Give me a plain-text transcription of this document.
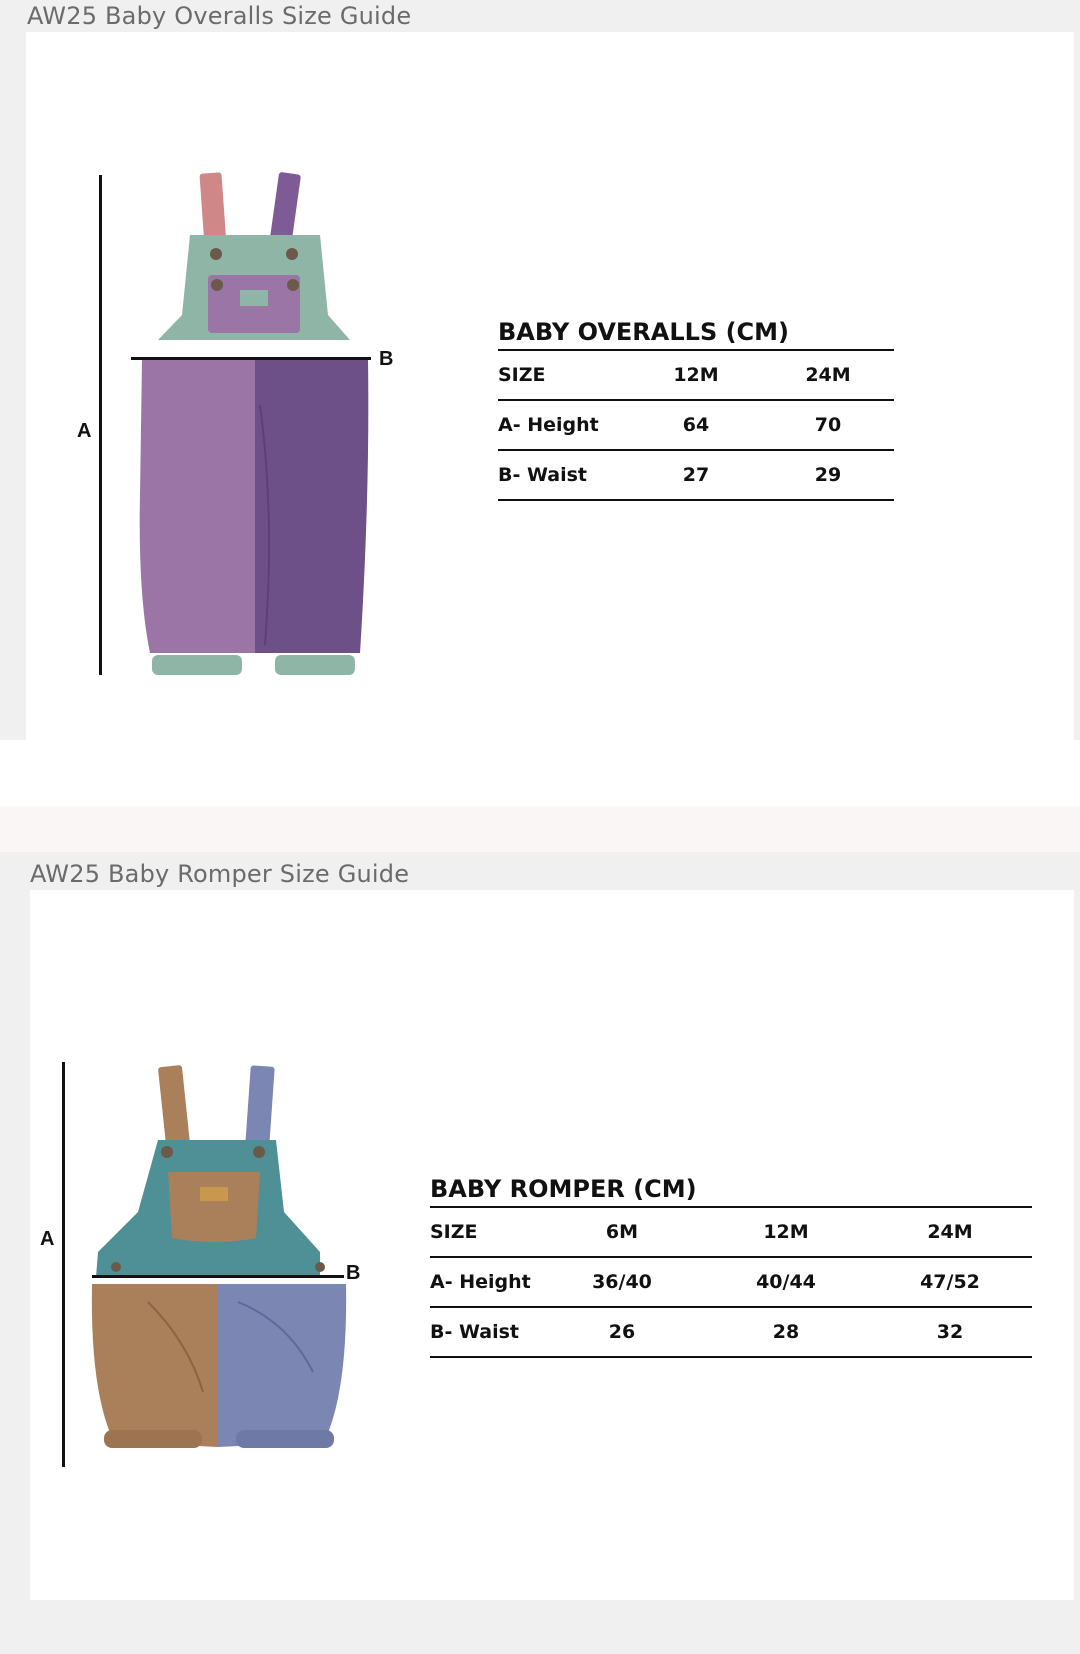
AW25 Baby Overalls Size Guide
A
B
BABY OVERALLS (CM)
SIZE	12M	24M
A- Height	64	70
B- Waist	27	29
AW25 Baby Romper Size Guide
A
B
BABY ROMPER (CM)
SIZE	6M	12M	24M
A- Height	36/40	40/44	47/52
B- Waist	26	28	32
